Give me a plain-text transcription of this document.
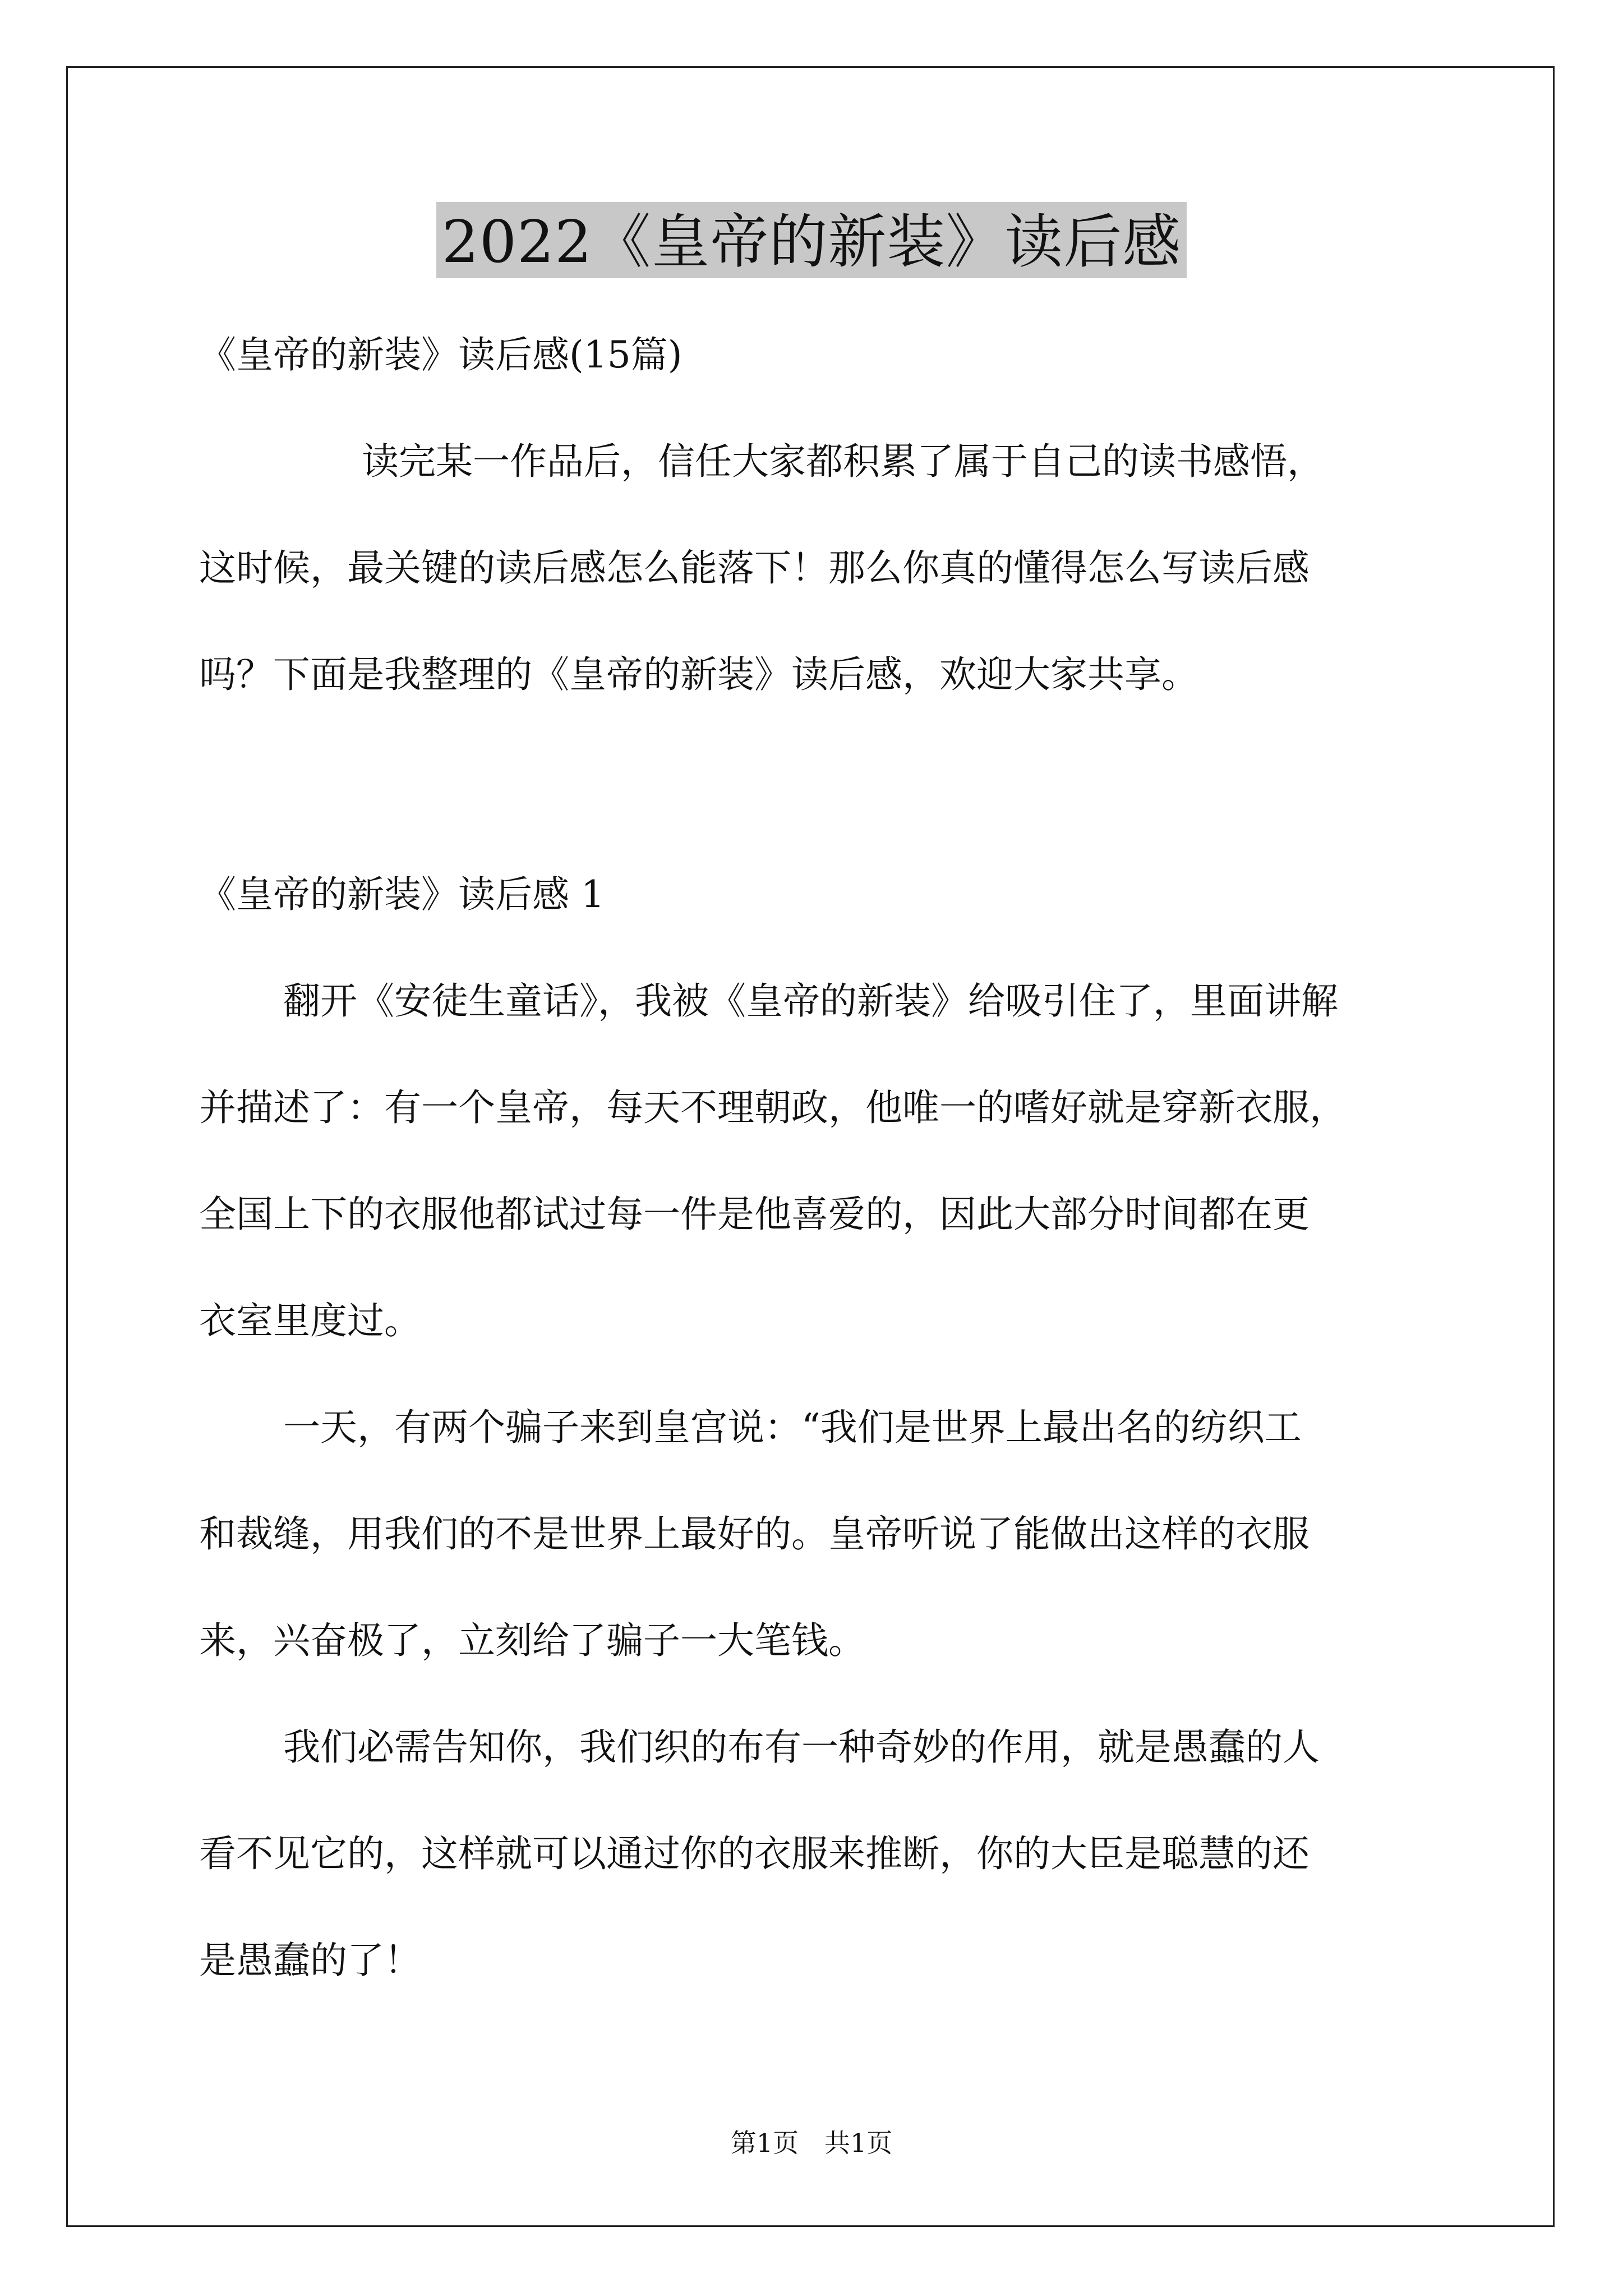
2022《皇帝的新装》读后感
《皇帝的新装》读后感(15篇)
读完某一作品后，信任大家都积累了属于自己的读书感悟，
这时候，最关键的读后感怎么能落下！那么你真的懂得怎么写读后感
吗？下面是我整理的《皇帝的新装》读后感，欢迎大家共享。
《皇帝的新装》读后感 1
翻开《安徒生童话》，我被《皇帝的新装》给吸引住了，里面讲解
并描述了：有一个皇帝，每天不理朝政，他唯一的嗜好就是穿新衣服，
全国上下的衣服他都试过每一件是他喜爱的，因此大部分时间都在更
衣室里度过。
一天，有两个骗子来到皇宫说：“我们是世界上最出名的纺织工
和裁缝，用我们的不是世界上最好的。皇帝听说了能做出这样的衣服
来，兴奋极了，立刻给了骗子一大笔钱。
我们必需告知你，我们织的布有一种奇妙的作用，就是愚蠢的人
看不见它的，这样就可以通过你的衣服来推断，你的大臣是聪慧的还
是愚蠢的了！
第1页　共1页
